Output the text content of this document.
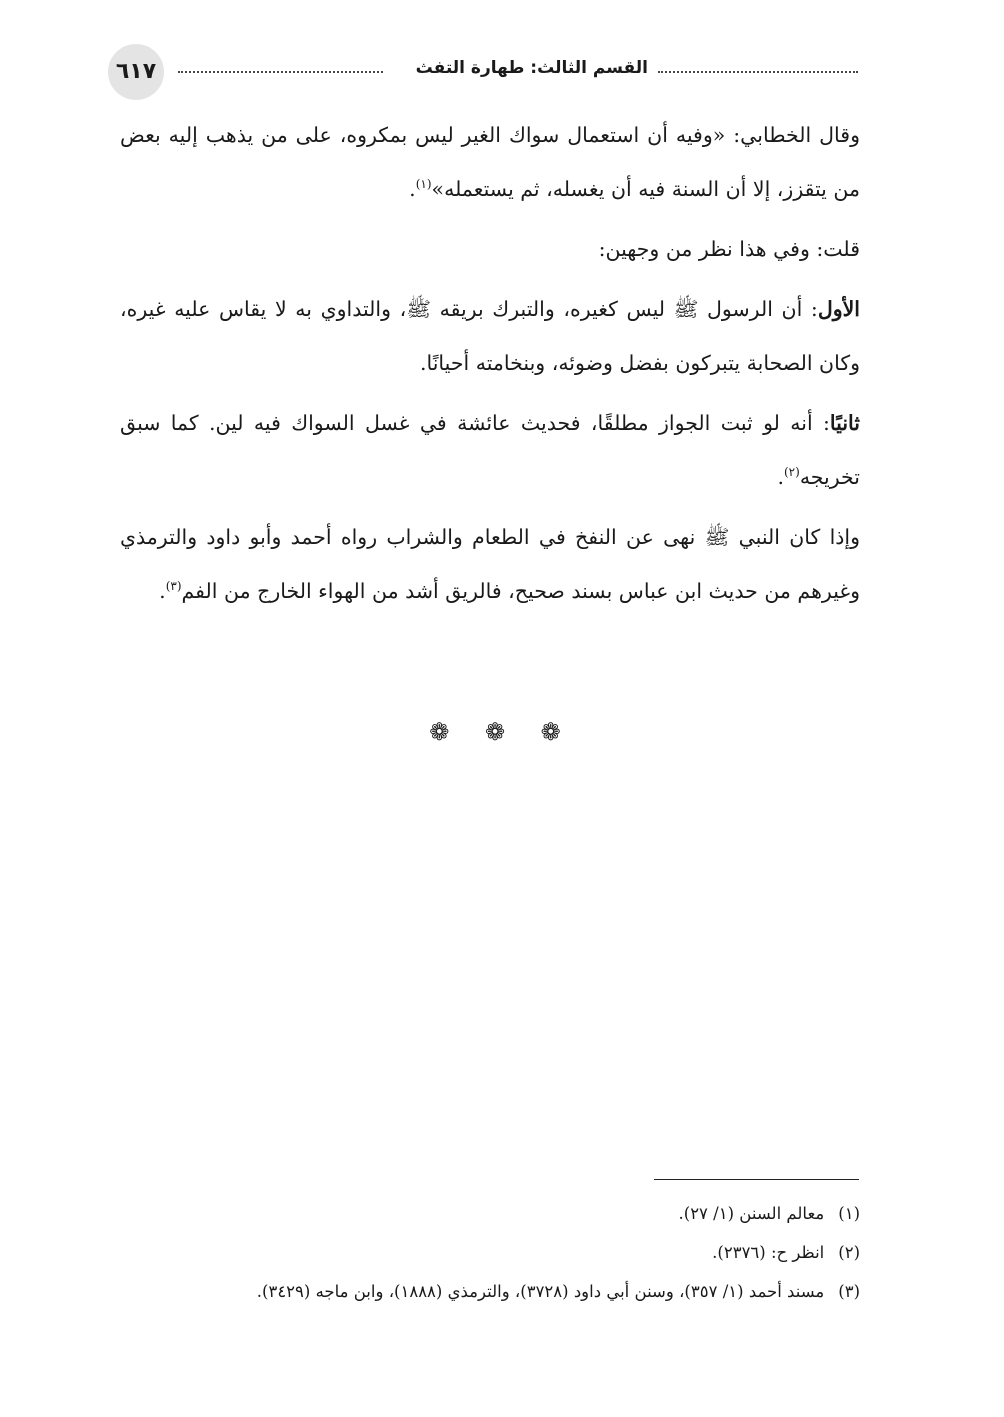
القسم الثالث: طهارة التفث
٦١٧

وقال الخطابي: «وفيه أن استعمال سواك الغير ليس بمكروه، على من يذهب إليه بعض من يتقزز، إلا أن السنة فيه أن يغسله، ثم يستعمله»$^{(١)}$.

قلت: وفي هذا نظر من وجهين:

الأول: أن الرسول ﷺ ليس كغيره، والتبرك بريقه ﷺ، والتداوي به لا يقاس عليه غيره، وكان الصحابة يتبركون بفضل وضوئه، وبنخامته أحيانًا.

ثانيًا: أنه لو ثبت الجواز مطلقًا، فحديث عائشة في غسل السواك فيه لين. كما سبق تخريجه$^{(٢)}$.

وإذا كان النبي ﷺ نهى عن النفخ في الطعام والشراب رواه أحمد وأبو داود والترمذي وغيرهم من حديث ابن عباس بسند صحيح، فالريق أشد من الهواء الخارج من الفم$^{(٣)}$.

❁ ❁ ❁
(١)معالم السنن (١/ ٢٧).
(٢)انظر ح: (٢٣٧٦).
(٣)مسند أحمد (١/ ٣٥٧)، وسنن أبي داود (٣٧٢٨)، والترمذي (١٨٨٨)، وابن ماجه (٣٤٢٩).
